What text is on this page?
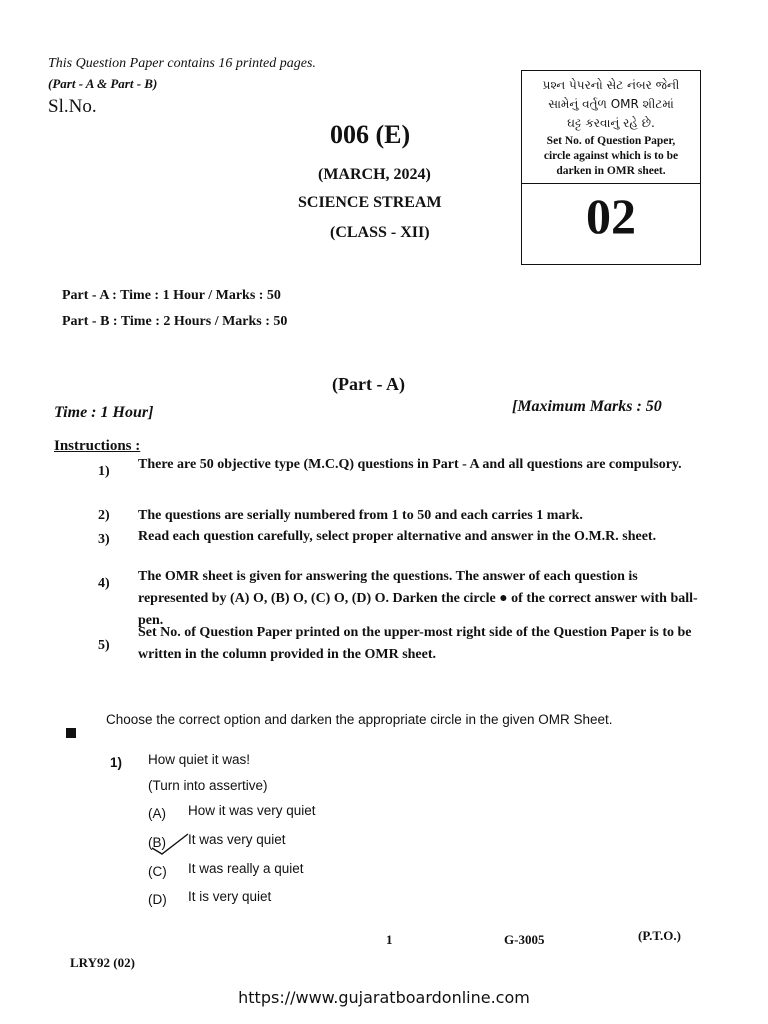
This Question Paper contains 16 printed pages.
(Part - A & Part - B)
Sl.No.
006 (E)
(MARCH, 2024)
SCIENCE STREAM
(CLASS - XII)
પ્રશ્ન પેપરનો સેટ નંબર જેની
સામેનું વર્તુળ OMR શીટમાં
ઘટ્ટ કરવાનું રહે છે.
Set No. of Question Paper,
circle against which is to be
darken in OMR sheet.
02
Part - A : Time : 1 Hour / Marks : 50
Part - B : Time : 2 Hours / Marks : 50
(Part - A)
Time : 1 Hour]	[Maximum Marks : 50
Instructions :
1) There are 50 objective type (M.C.Q) questions in Part - A and all questions are compulsory.
2) The questions are serially numbered from 1 to 50 and each carries 1 mark.
3) Read each question carefully, select proper alternative and answer in the O.M.R. sheet.
4) The OMR sheet is given for answering the questions. The answer of each question is represented by (A) O, (B) O, (C) O, (D) O. Darken the circle ● of the correct answer with ball-pen.
5)
Set No. of Question Paper printed on the upper-most right side of the Question Paper is to be written in the column provided in the OMR sheet.
Choose the correct option and darken the appropriate circle in the given OMR Sheet.
1) How quiet it was!
(Turn into assertive)
(A) How it was very quiet
(B) It was very quiet
(C) It was really a quiet
(D) It is very quiet
1	G-3005	(P.T.O.)
LRY92 (02)
https://www.gujaratboardonline.com
